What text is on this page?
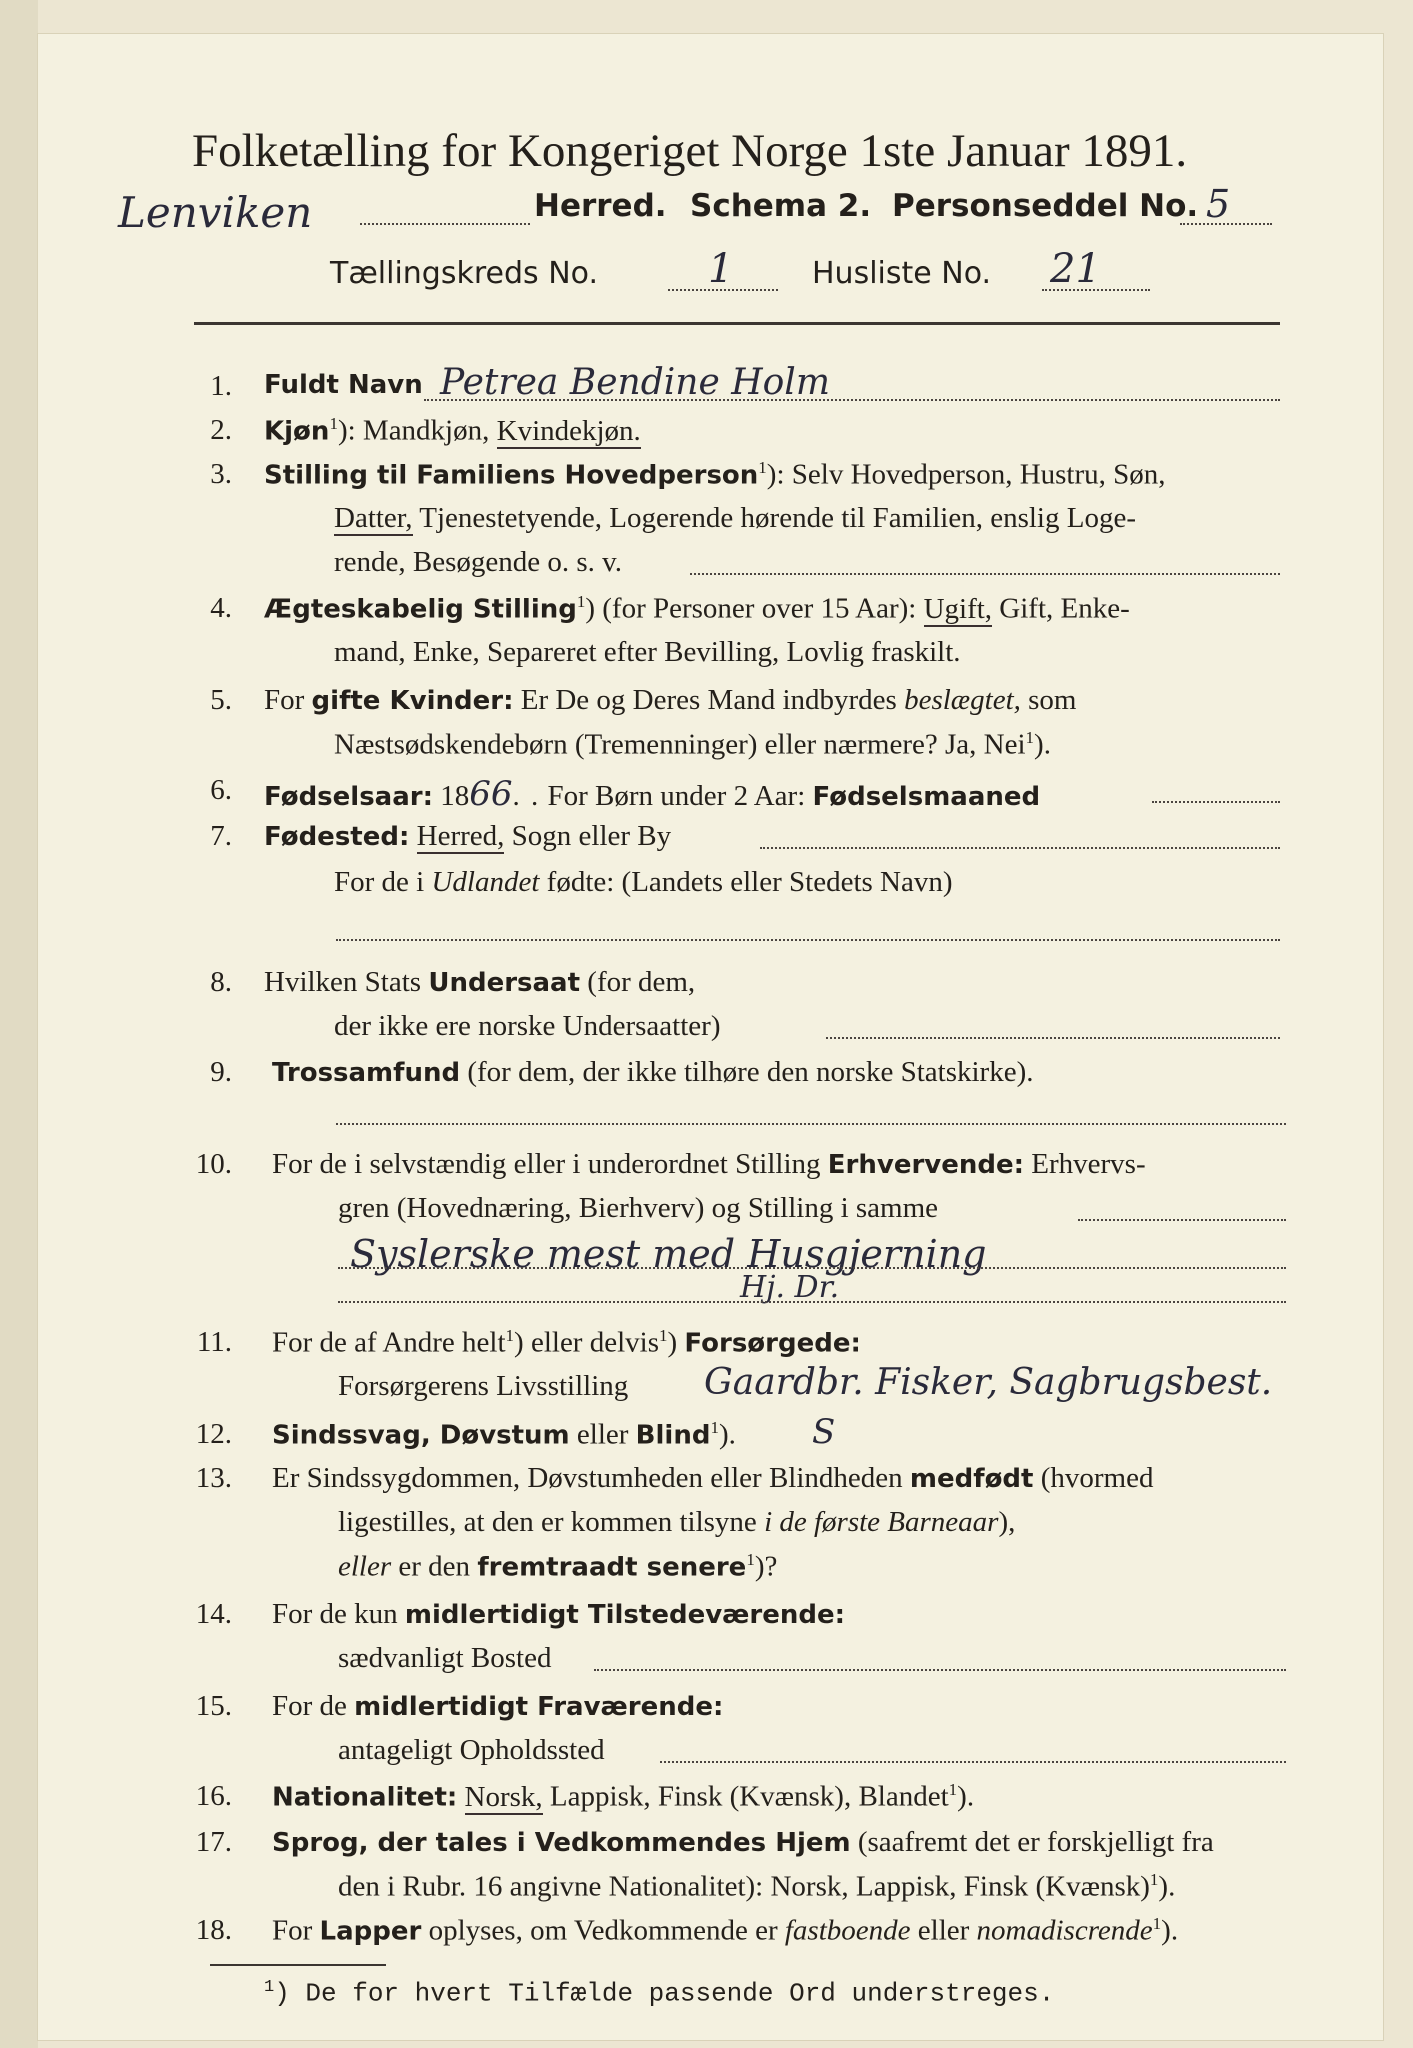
Folketælling for Kongeriget Norge 1ste Januar 1891.
Lenviken	Herred. Schema 2. Personseddel No. 5
Tællingskreds No.	1	Husliste No. 21
1. Fuldt Navn Petrea Bendine Holm
2. Kjøn$^1$): Mandkjøn, Kvindekjøn.
3. Stilling til Familiens Hovedperson$^1$): Selv Hovedperson, Hustru, Søn,
Datter, Tjenestetyende, Logerende hørende til Familien, enslig Loge-
rende, Besøgende o. s. v.
4. Ægteskabelig Stilling$^1$) (for Personer over 15 Aar): Ugift, Gift, Enke-
mand, Enke, Separeret efter Bevilling, Lovlig fraskilt.
5. For gifte Kvinder: Er De og Deres Mand indbyrdes beslægtet, som
Næstsødskendebørn (Tremenninger) eller nærmere? Ja, Nei$^1$).
6. Fødselsaar: 1866. . For Børn under 2 Aar: Fødselsmaaned
7. Fødested: Herred, Sogn eller By
For de i Udlandet fødte: (Landets eller Stedets Navn)
8. Hvilken Stats Undersaat (for dem,
der ikke ere norske Undersaatter)
9. Trossamfund (for dem, der ikke tilhøre den norske Statskirke).
10. For de i selvstændig eller i underordnet Stilling Erhvervende: Erhvervs-
gren (Hovednæring, Bierhverv) og Stilling i samme
Syslerske mest med Husgjerning
Hj. Dr.
11. For de af Andre helt$^1$) eller delvis$^1$) Forsørgede:
Forsørgerens Livsstilling Gaardbr. Fisker, Sagbrugsbest.
12. Sindssvag, Døvstum eller Blind$^1$). S
13. Er Sindssygdommen, Døvstumheden eller Blindheden medfødt (hvormed
ligestilles, at den er kommen tilsyne i de første Barneaar),
eller er den fremtraadt senere$^1$)?
14. For de kun midlertidigt Tilstedeværende:
sædvanligt Bosted
15. For de midlertidigt Fraværende:
antageligt Opholdssted
16. Nationalitet: Norsk, Lappisk, Finsk (Kvænsk), Blandet$^1$).
17. Sprog, der tales i Vedkommendes Hjem (saafremt det er forskjelligt fra
den i Rubr. 16 angivne Nationalitet): Norsk, Lappisk, Finsk (Kvænsk)$^1$).
18. For Lapper oplyses, om Vedkommende er fastboende eller nomadiscrende$^1$).
$^1$) De for hvert Tilfælde passende Ord understreges.
